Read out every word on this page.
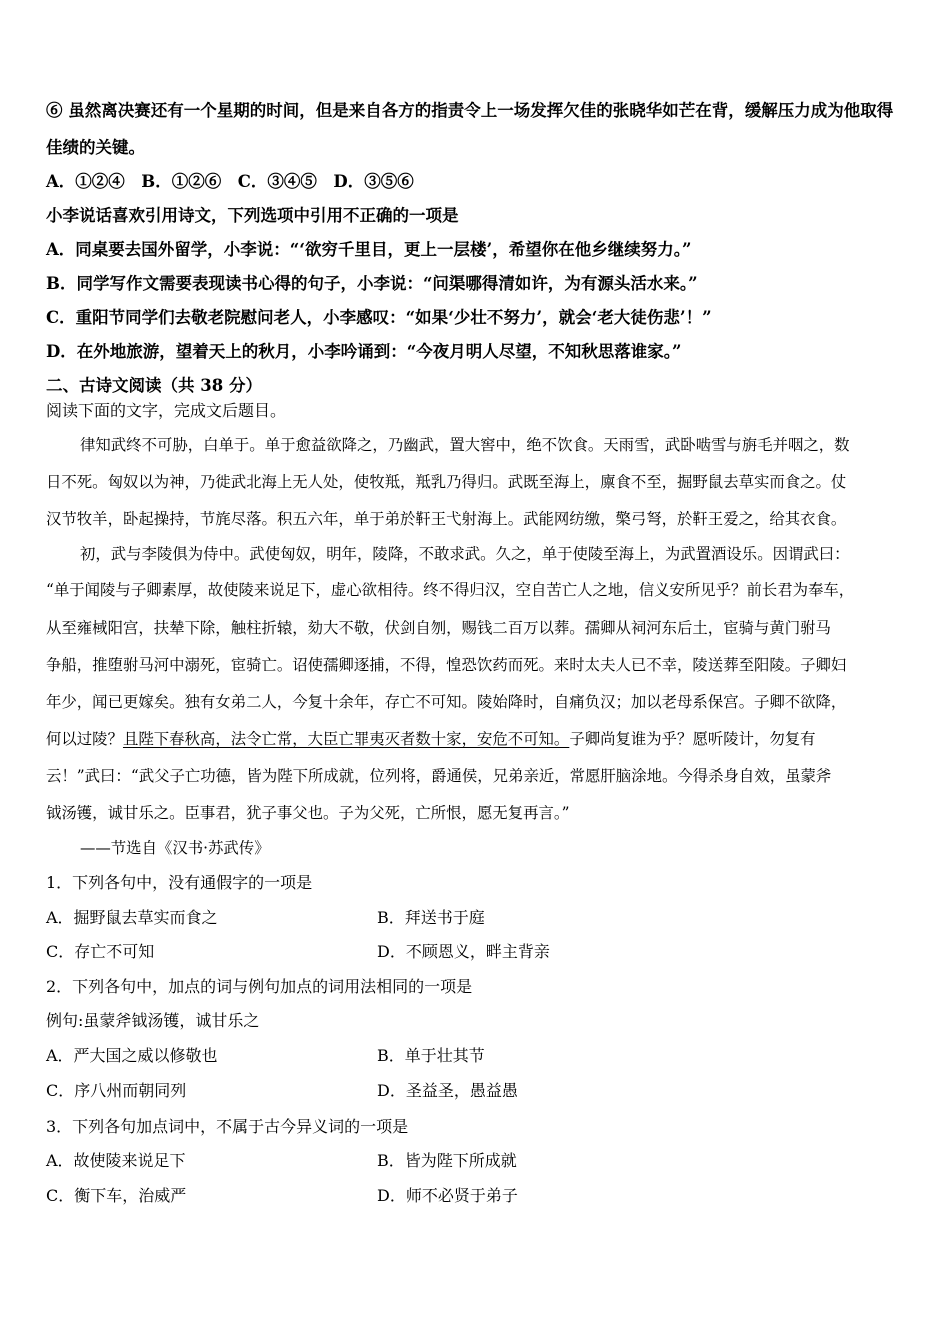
⑥ 虽然离决赛还有一个星期的时间，但是来自各方的指责令上一场发挥欠佳的张晓华如芒在背，缓解压力成为他取得
佳绩的关键。
A．①②④　B．①②⑥　C．③④⑤　D．③⑤⑥
小李说话喜欢引用诗文，下列选项中引用不正确的一项是
A．同桌要去国外留学，小李说：“‘欲穷千里目，更上一层楼’，希望你在他乡继续努力。”
B．同学写作文需要表现读书心得的句子，小李说：“问渠哪得清如许，为有源头活水来。”
C．重阳节同学们去敬老院慰问老人，小李感叹：“如果‘少壮不努力’，就会‘老大徒伤悲’！”
D．在外地旅游，望着天上的秋月，小李吟诵到：“今夜月明人尽望，不知秋思落谁家。”
二、古诗文阅读（共 38 分）
阅读下面的文字，完成文后题目。
律知武终不可胁，白单于。单于愈益欲降之，乃幽武，置大窖中，绝不饮食。天雨雪，武卧啮雪与旃毛并咽之，数
日不死。匈奴以为神，乃徙武北海上无人处，使牧羝，羝乳乃得归。武既至海上，廪食不至，掘野鼠去草实而食之。仗
汉节牧羊，卧起操持，节旄尽落。积五六年，单于弟於靬王弋射海上。武能网纺缴，檠弓弩，於靬王爱之，给其衣食。
初，武与李陵俱为侍中。武使匈奴，明年，陵降，不敢求武。久之，单于使陵至海上，为武置酒设乐。因谓武曰：
“单于闻陵与子卿素厚，故使陵来说足下，虚心欲相待。终不得归汉，空自苦亡人之地，信义安所见乎？前长君为奉车，
从至雍棫阳宫，扶辇下除，触柱折辕，劾大不敬，伏剑自刎，赐钱二百万以葬。孺卿从祠河东后土，宦骑与黄门驸马
争船，推堕驸马河中溺死，宦骑亡。诏使孺卿逐捕，不得，惶恐饮药而死。来时太夫人已不幸，陵送葬至阳陵。子卿妇
年少，闻已更嫁矣。独有女弟二人，今复十余年，存亡不可知。陵始降时，自痛负汉；加以老母系保宫。子卿不欲降，
何以过陵？且陛下春秋高，法令亡常，大臣亡罪夷灭者数十家，安危不可知。子卿尚复谁为乎？愿听陵计，勿复有
云！”武曰：“武父子亡功德，皆为陛下所成就，位列将，爵通侯，兄弟亲近，常愿肝脑涂地。今得杀身自效，虽蒙斧
钺汤镬，诚甘乐之。臣事君，犹子事父也。子为父死，亡所恨，愿无复再言。”
——节选自《汉书·苏武传》
1．下列各句中，没有通假字的一项是
A．掘野鼠去草实而食之	B．拜送书于庭
C．存亡不可知	D．不顾恩义，畔主背亲
2．下列各句中，加点的词与例句加点的词用法相同的一项是
例句:虽蒙斧钺汤镬，诚甘乐之
A．严大国之威以修敬也	B．单于壮其节
C．序八州而朝同列	D．圣益圣，愚益愚
3．下列各句加点词中，不属于古今异义词的一项是
A．故使陵来说足下	B．皆为陛下所成就
C．衡下车，治威严	D．师不必贤于弟子
